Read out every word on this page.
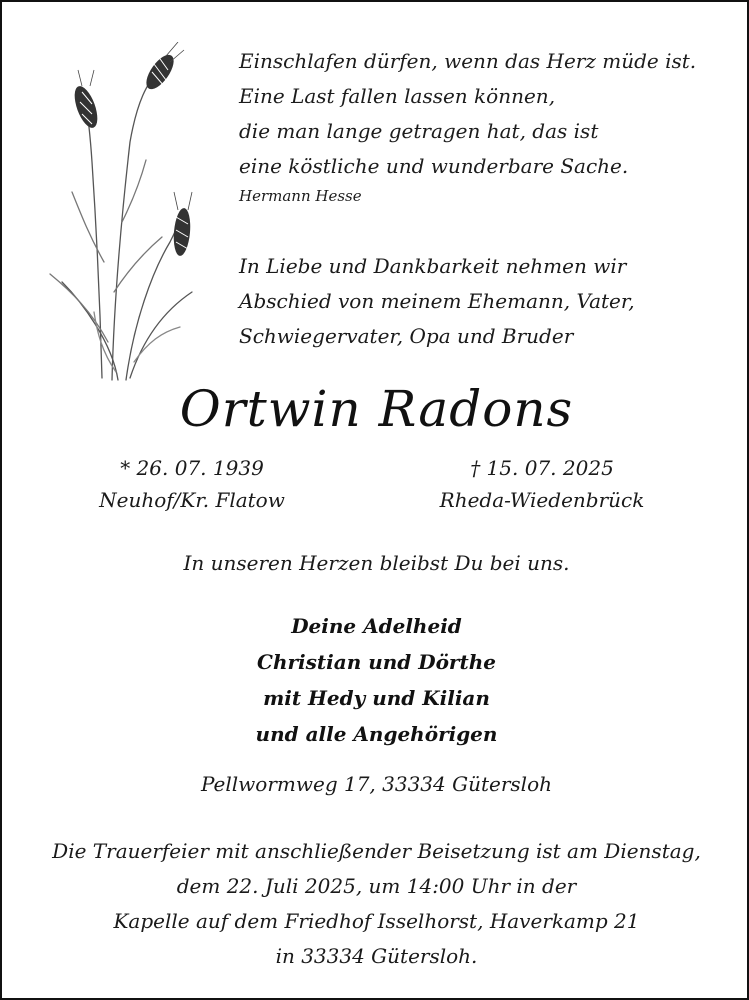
Einschlafen dürfen, wenn das Herz müde ist.
Eine Last fallen lassen können,
die man lange getragen hat, das ist
eine köstliche und wunderbare Sache.
Hermann Hesse
In Liebe und Dankbarkeit nehmen wir
Abschied von meinem Ehemann, Vater,
Schwiegervater, Opa und Bruder
Ortwin Radons
* 26. 07. 1939
Neuhof/Kr. Flatow
† 15. 07. 2025
Rheda-Wiedenbrück
In unseren Herzen bleibst Du bei uns.
Deine Adelheid
Christian und Dörthe
mit Hedy und Kilian
und alle Angehörigen
Pellwormweg 17, 33334 Gütersloh
Die Trauerfeier mit anschließender Beisetzung ist am Dienstag,
dem 22. Juli 2025, um 14:00 Uhr in der
Kapelle auf dem Friedhof Isselhorst, Haverkamp 21
in 33334 Gütersloh.
